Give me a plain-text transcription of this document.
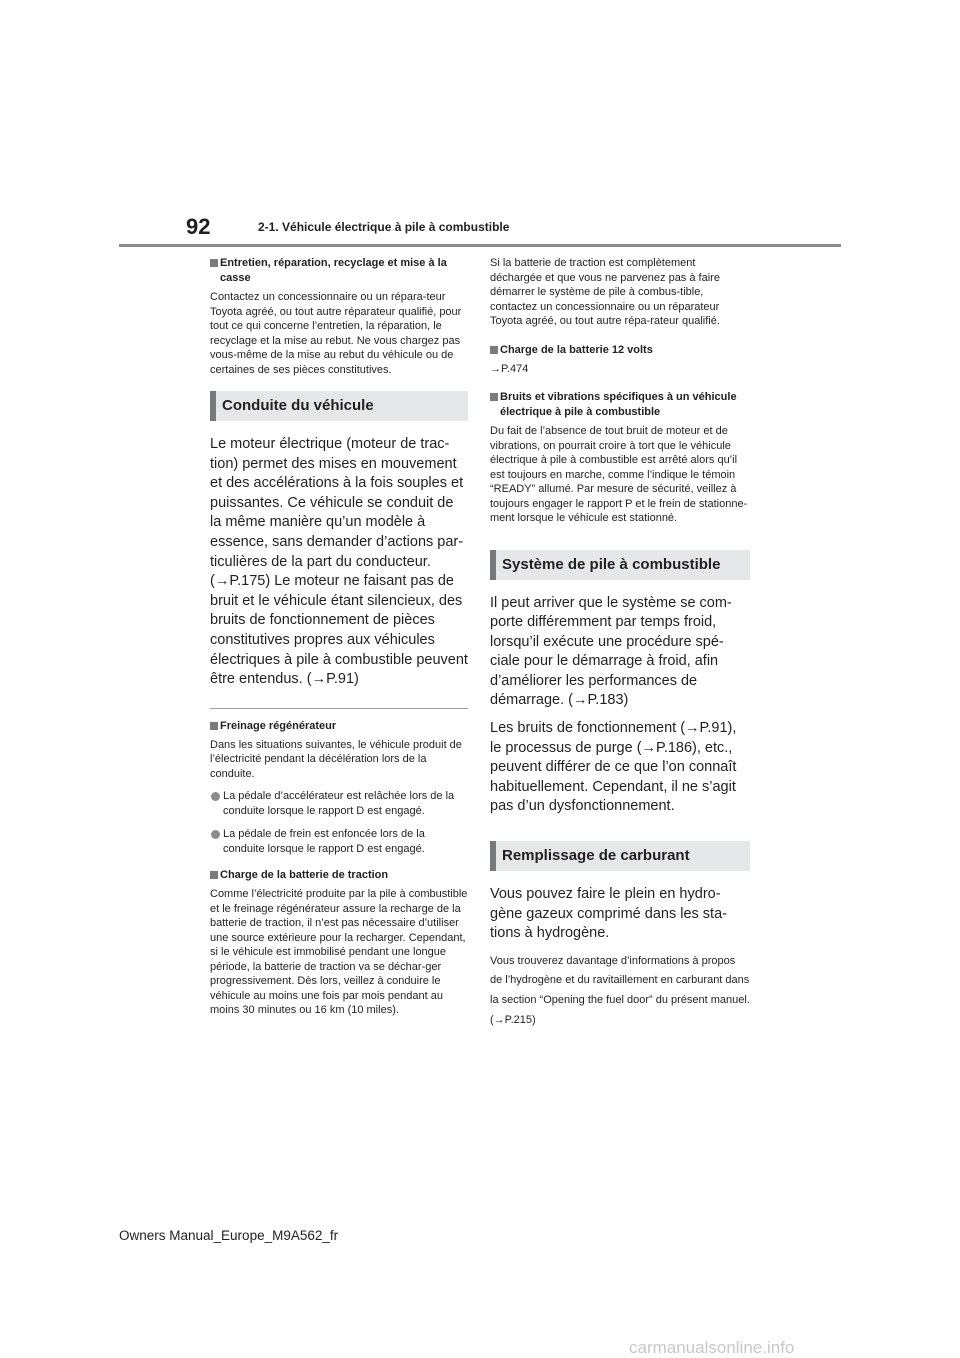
92	2-1. Véhicule électrique à pile à combustible
Entretien, réparation, recyclage et mise à la casse

Contactez un concessionnaire ou un répara-teur Toyota agréé, ou tout autre réparateur qualifié, pour tout ce qui concerne l’entretien, la réparation, le recyclage et la mise au rebut. Ne vous chargez pas vous-même de la mise au rebut du véhicule ou de certaines de ses pièces constitutives.

Conduite du véhicule

Le moteur électrique (moteur de trac-tion) permet des mises en mouvement et des accélérations à la fois souples et puissantes. Ce véhicule se conduit de la même manière qu’un modèle à essence, sans demander d’actions par-ticulières de la part du conducteur. (→P.175) Le moteur ne faisant pas de bruit et le véhicule étant silencieux, des bruits de fonctionnement de pièces constitutives propres aux véhicules électriques à pile à combustible peuvent être entendus. (→P.91)

Freinage régénérateur

Dans les situations suivantes, le véhicule produit de l’électricité pendant la décélération lors de la conduite.

La pédale d’accélérateur est relâchée lors de la conduite lorsque le rapport D est engagé.
La pédale de frein est enfoncée lors de la conduite lorsque le rapport D est engagé.
Charge de la batterie de traction

Comme l’électricité produite par la pile à combustible et le freinage régénérateur assure la recharge de la batterie de traction, il n’est pas nécessaire d’utiliser une source extérieure pour la recharger. Cependant, si le véhicule est immobilisé pendant une longue période, la batterie de traction va se déchar-ger progressivement. Dès lors, veillez à conduire le véhicule au moins une fois par mois pendant au moins 30 minutes ou 16 km (10 miles).

Si la batterie de traction est complètement déchargée et que vous ne parvenez pas à faire démarrer le système de pile à combus-tible, contactez un concessionnaire ou un réparateur Toyota agréé, ou tout autre répa-rateur qualifié.

Charge de la batterie 12 volts

→P.474

Bruits et vibrations spécifiques à un véhicule électrique à pile à combustible

Du fait de l’absence de tout bruit de moteur et de vibrations, on pourrait croire à tort que le véhicule électrique à pile à combustible est arrêté alors qu’il est toujours en marche, comme l’indique le témoin “READY” allumé. Par mesure de sécurité, veillez à toujours engager le rapport P et le frein de stationne-ment lorsque le véhicule est stationné.

Système de pile à combustible

Il peut arriver que le système se com-porte différemment par temps froid, lorsqu’il exécute une procédure spé-ciale pour le démarrage à froid, afin d’améliorer les performances de démarrage. (→P.183)

Les bruits de fonctionnement (→P.91), le processus de purge (→P.186), etc., peuvent différer de ce que l’on connaît habituellement. Cependant, il ne s’agit pas d’un dysfonctionnement.

Remplissage de carburant

Vous pouvez faire le plein en hydro-gène gazeux comprimé dans les sta-tions à hydrogène.

Vous trouverez davantage d’informations à propos de l’hydrogène et du ravitaillement en carburant dans la section “Opening the fuel door” du présent manuel. (→P.215)

Owners Manual_Europe_M9A562_fr
carmanualsonline.info
